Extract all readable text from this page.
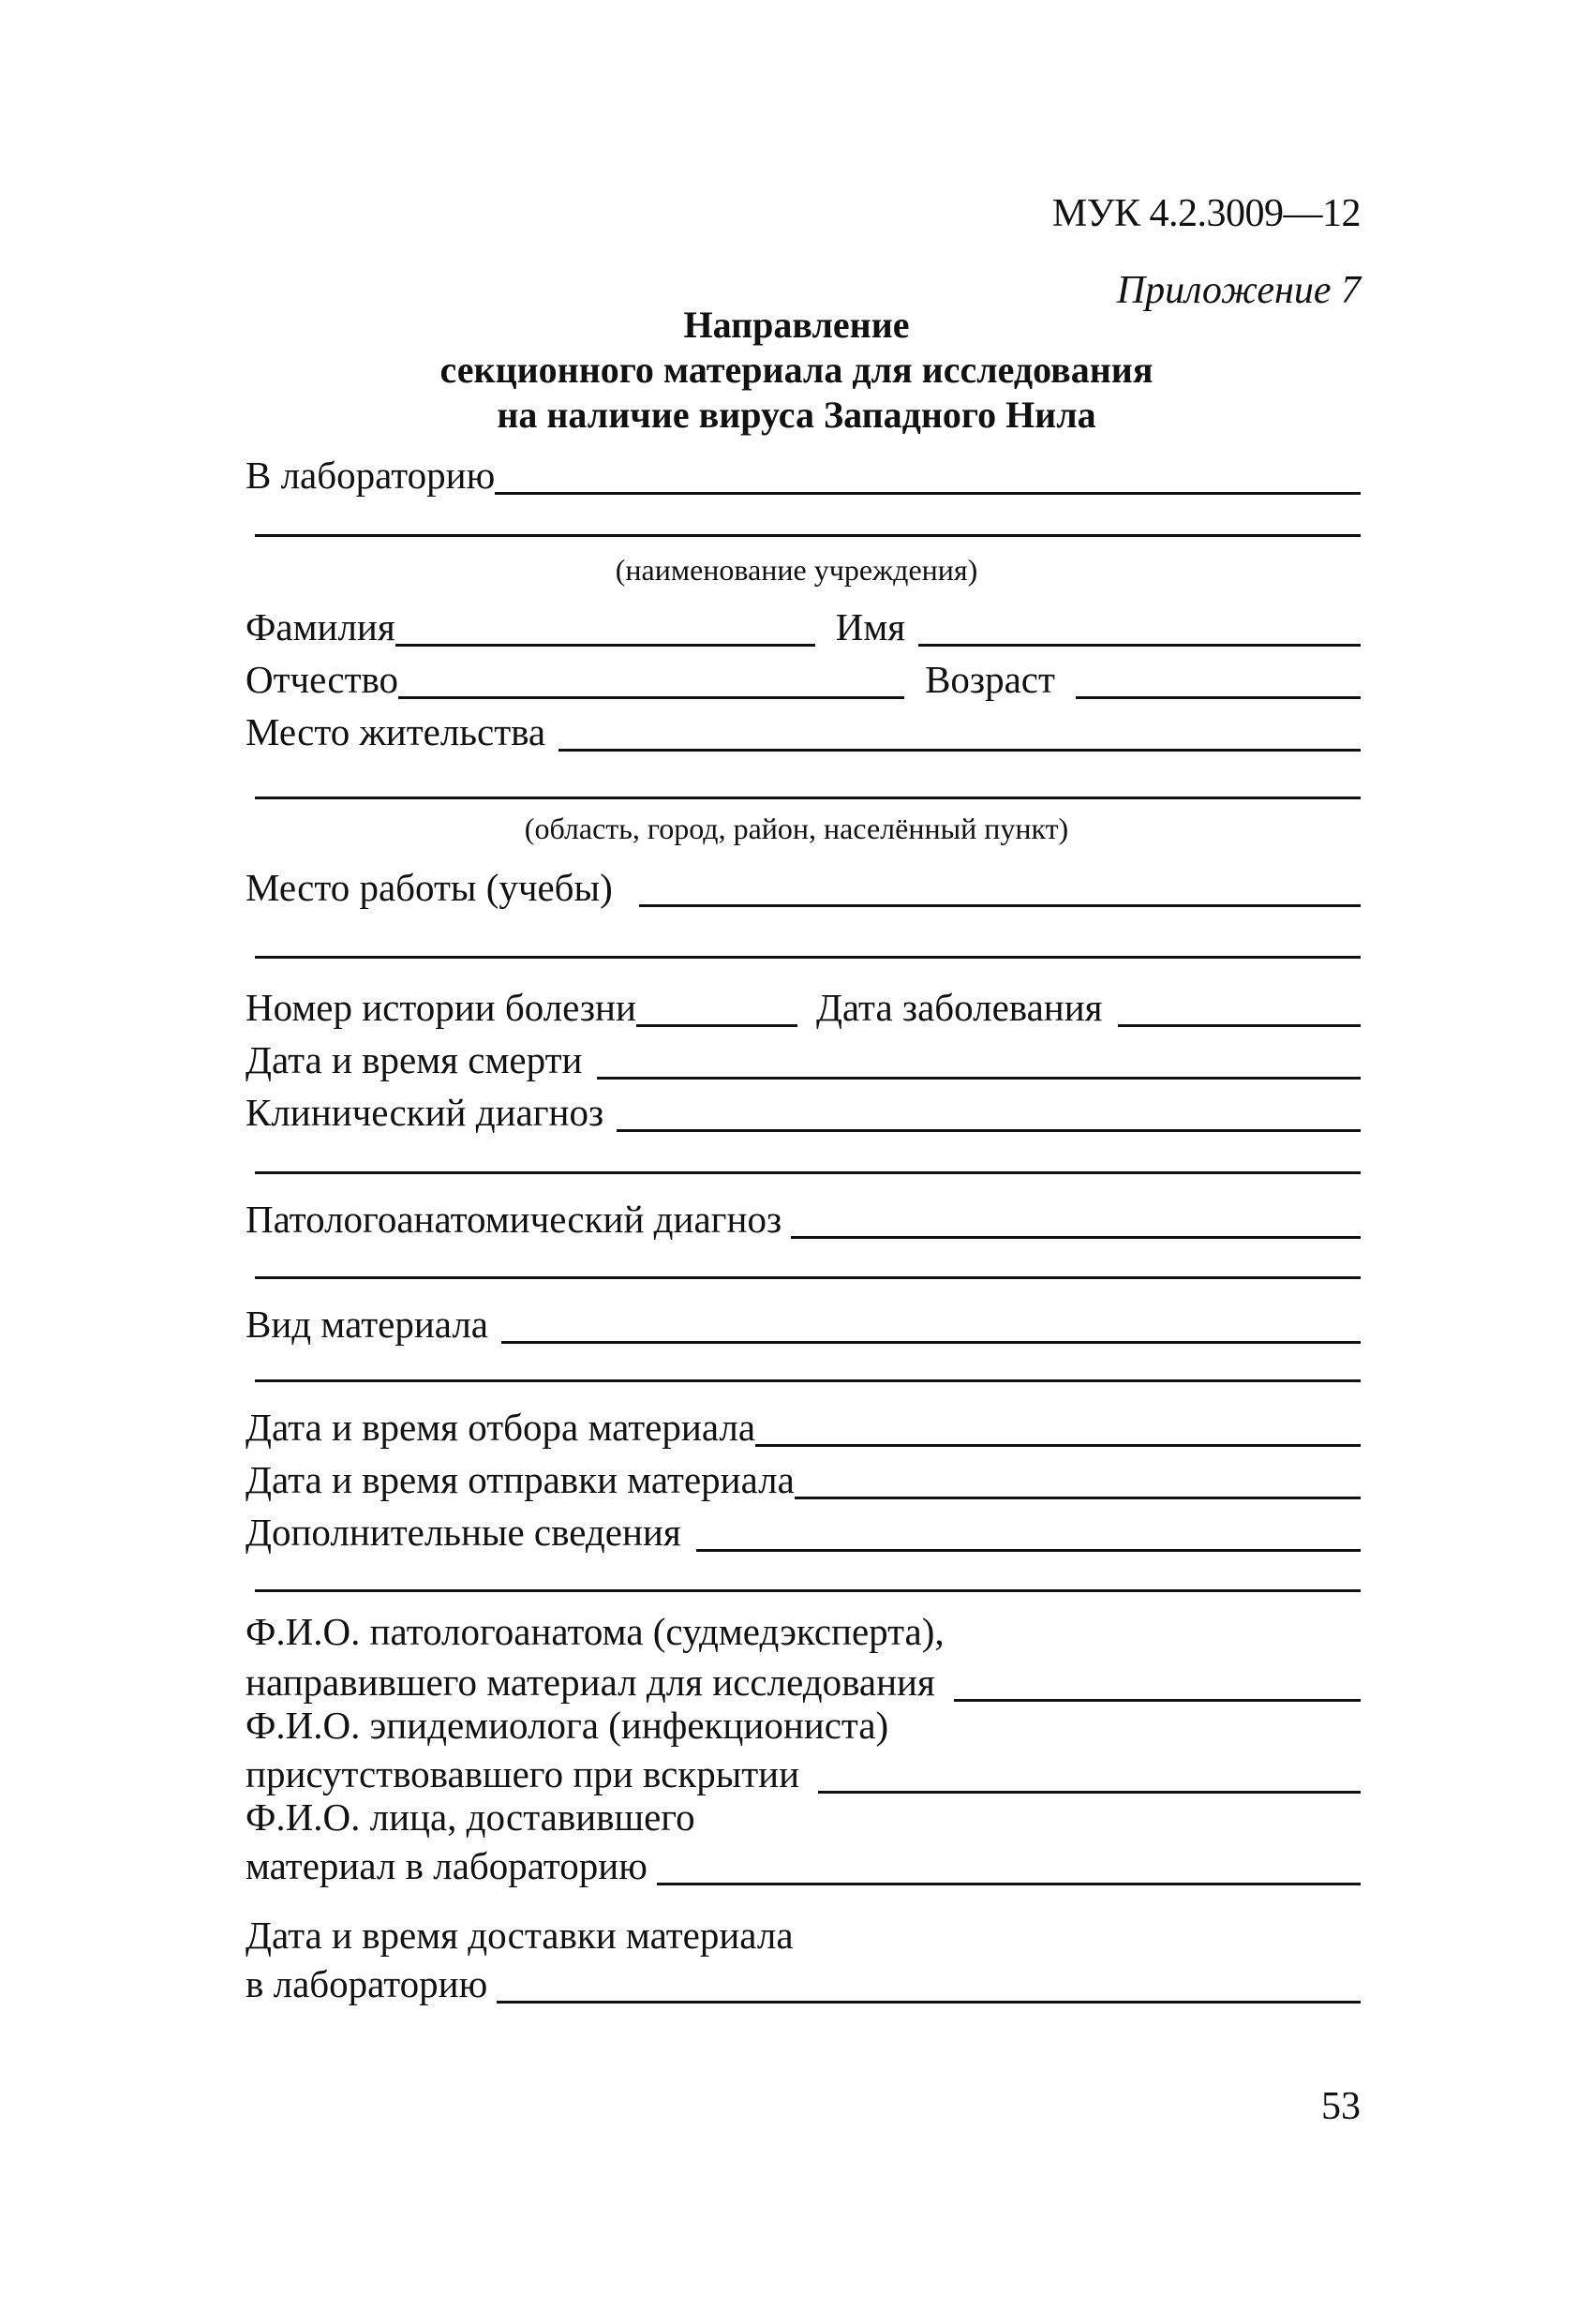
МУК 4.2.3009—12
Приложение 7
Направление
секционного материала для исследования
на наличие вируса Западного Нила
В лабораторию
(наименование учреждения)
Фамилия	Имя
Отчество	Возраст
Место жительства
(область, город, район, населённый пункт)
Место работы (учебы)
Номер истории болезни	Дата заболевания
Дата и время смерти
Клинический диагноз
Патологоанатомический диагноз
Вид материала
Дата и время отбора материала
Дата и время отправки материала
Дополнительные сведения
Ф.И.О. патологоанатома (судмедэксперта),
направившего материал для исследования
Ф.И.О. эпидемиолога (инфекциониста)
присутствовавшего при вскрытии
Ф.И.О. лица, доставившего
материал в лабораторию
Дата и время доставки материала
в лабораторию
53
